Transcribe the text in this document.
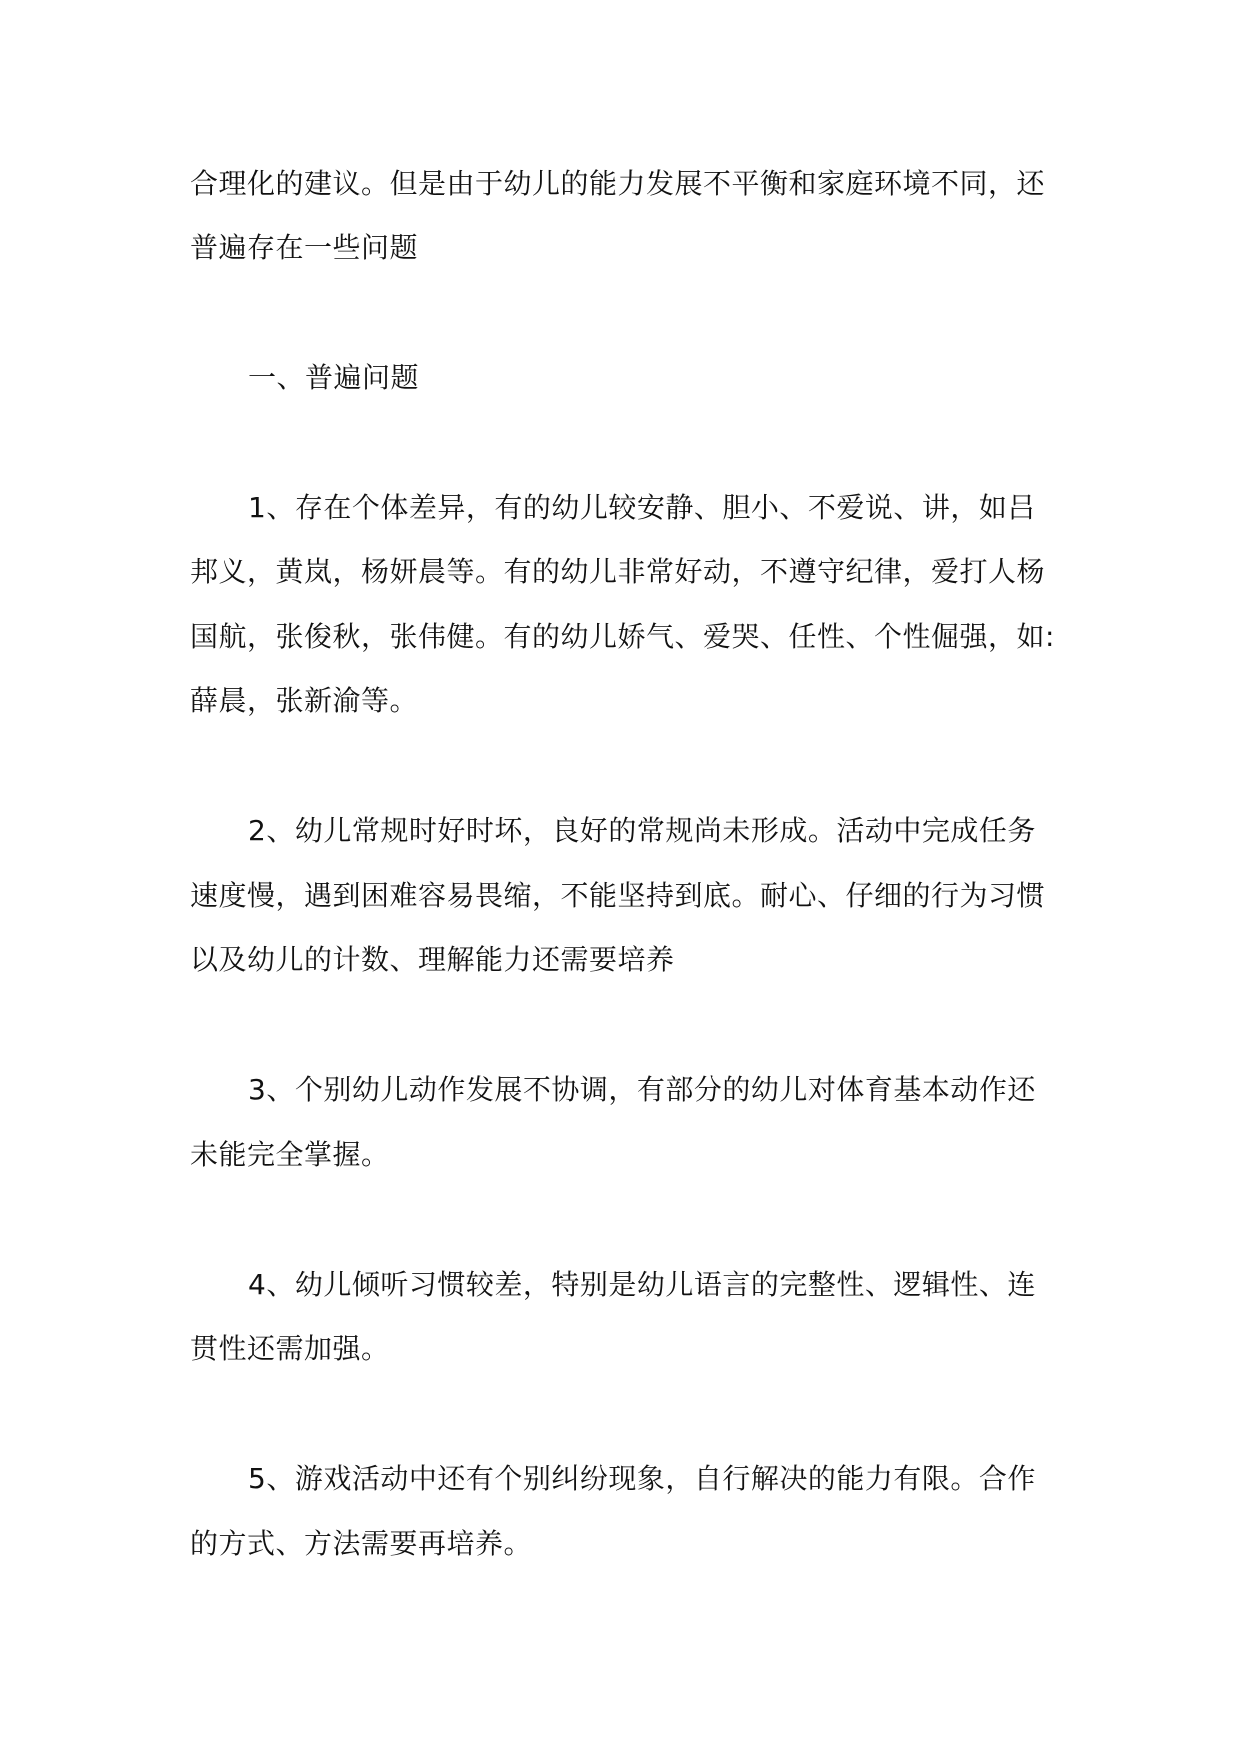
合理化的建议。但是由于幼儿的能力发展不平衡和家庭环境不同，还
普遍存在一些问题
一、普遍问题
1、存在个体差异，有的幼儿较安静、胆小、不爱说、讲，如吕
邦义，黄岚，杨妍晨等。有的幼儿非常好动，不遵守纪律，爱打人杨
国航，张俊秋，张伟健。有的幼儿娇气、爱哭、任性、个性倔强，如:
薛晨，张新渝等。
2、幼儿常规时好时坏，良好的常规尚未形成。活动中完成任务
速度慢，遇到困难容易畏缩，不能坚持到底。耐心、仔细的行为习惯
以及幼儿的计数、理解能力还需要培养
3、个别幼儿动作发展不协调，有部分的幼儿对体育基本动作还
未能完全掌握。
4、幼儿倾听习惯较差，特别是幼儿语言的完整性、逻辑性、连
贯性还需加强。
5、游戏活动中还有个别纠纷现象，自行解决的能力有限。合作
的方式、方法需要再培养。
